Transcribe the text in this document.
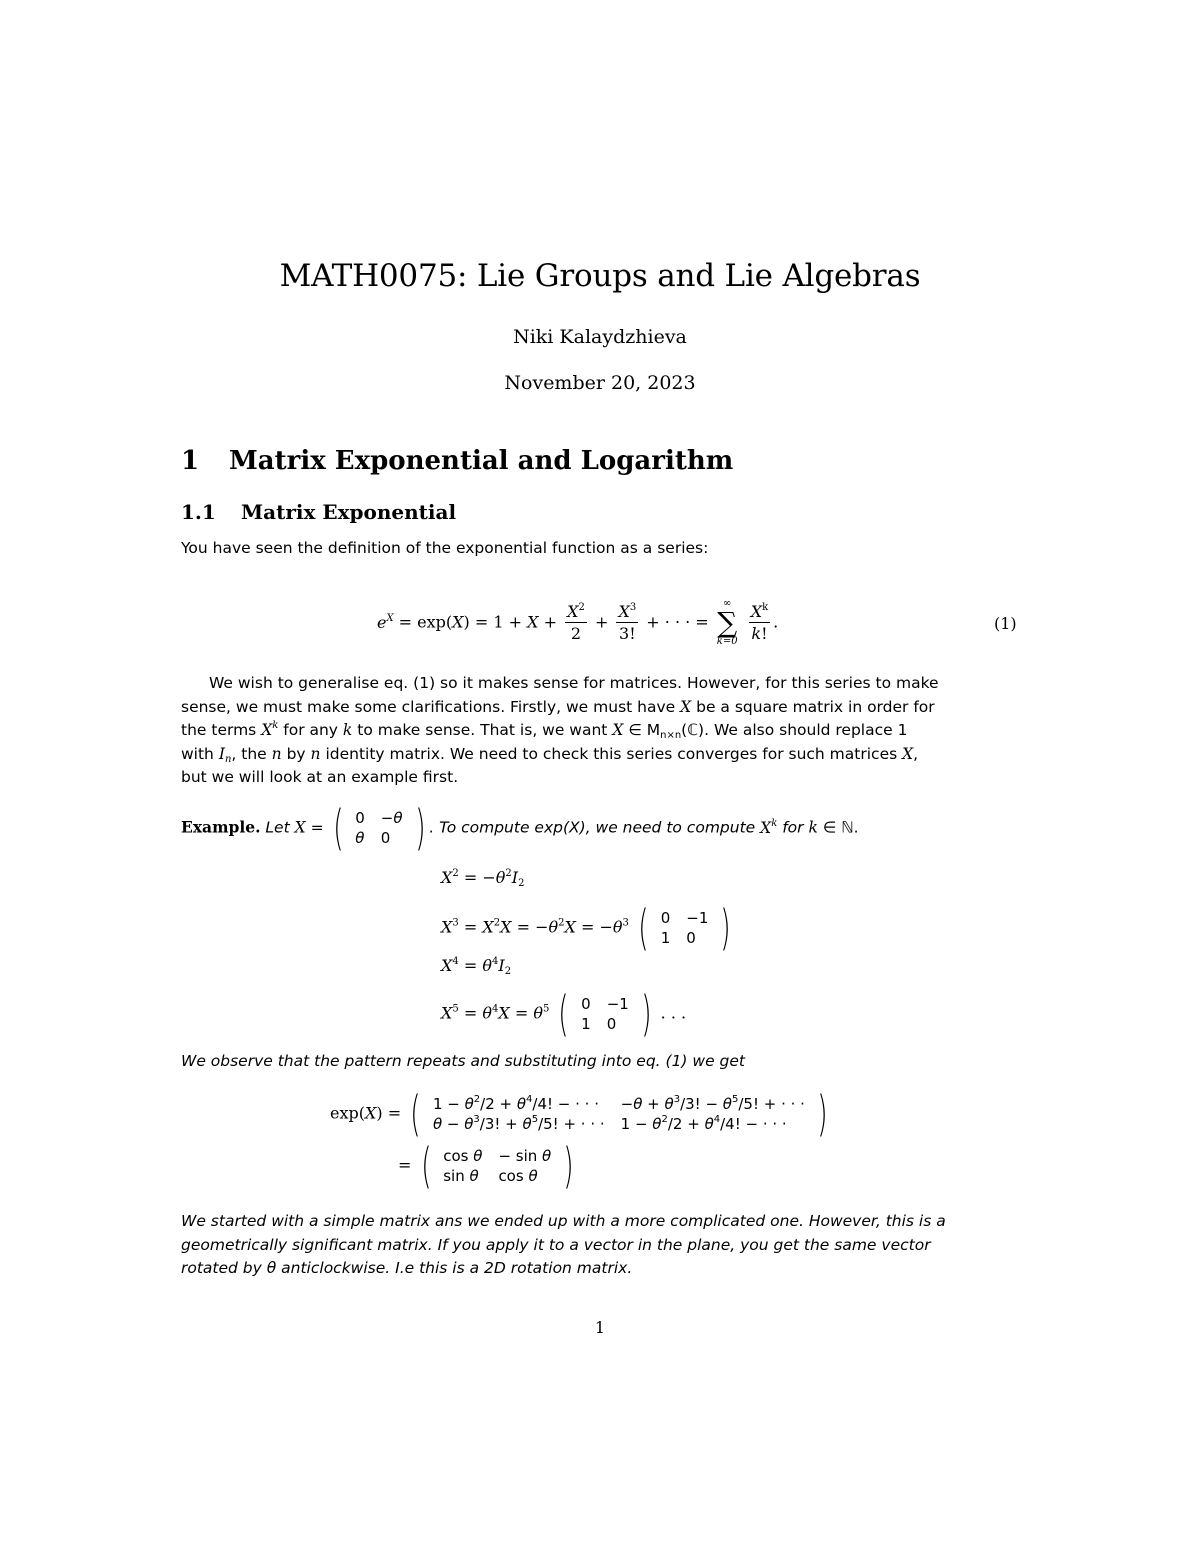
MATH0075: Lie Groups and Lie Algebras
Niki Kalaydzhieva
November 20, 2023
1 Matrix Exponential and Logarithm
1.1 Matrix Exponential
You have seen the definition of the exponential function as a series:
$e^X = \exp(X) = 1 + X + \frac{X^2}{2} + \frac{X^3}{3!}$ + · · · =
∞
∑
k=0
$\frac{X^k}{k!}$ .	(1)
We wish to generalise eq. (1) so it makes sense for matrices. However, for this series to make
sense, we must make some clarifications. Firstly, we must have X be a square matrix in order for
the terms $X^k$ for any k to make sense. That is, we want X ∈ $M_{n\times n}(ℂ)$. We also should replace 1
with $I_n$, the n by n identity matrix. We need to check this series converges for such matrices X,
but we will look at an example first.
Example. Let X = ( 0	−θ
θ	0 ) . To compute exp(X), we need to compute $X^k$ for k ∈ ℕ.
$X^2 = -\theta^2I_2$
$X^3 = X^2X = -\theta^2X = -\theta^3$ ( 0	−1
1	0 )
$X^4 = \theta^4I_2$
$X^5 = \theta^4X = \theta^5$ ( 0	−1
1	0 ) . . .
We observe that the pattern repeats and substituting into eq. (1) we get
exp(X) = ( $1 - \theta^2/2 + \theta^4/4$! − · · ·	$-\theta + \theta^3/3$! − $\theta^5/5$! + · · ·
$\theta - \theta^3/3$! + $\theta^5/5$! + · · ·	$1 - \theta^2/2 + \theta^4/4$! − · · · )
= ( cos θ	− sin θ
sin θ	cos θ )
We started with a simple matrix ans we ended up with a more complicated one. However, this is a
geometrically significant matrix. If you apply it to a vector in the plane, you get the same vector
rotated by θ anticlockwise. I.e this is a 2D rotation matrix.
1
